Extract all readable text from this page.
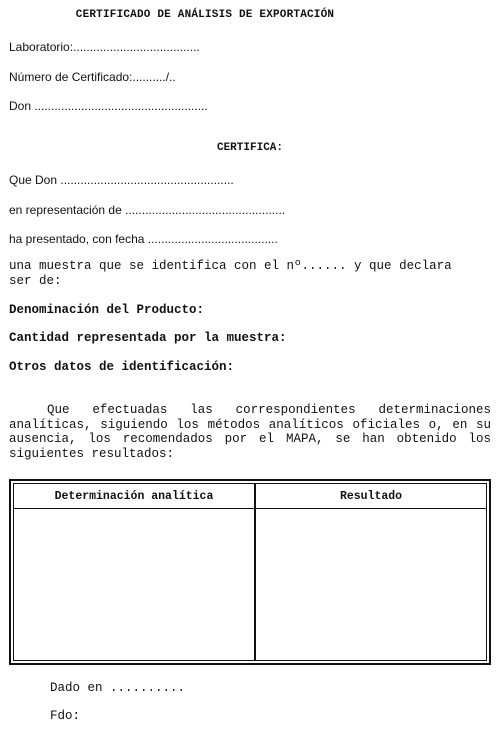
CERTIFICADO DE ANÁLISIS DE EXPORTACIÓN
Laboratorio:......................................
Número de Certificado:........../..
Don ....................................................
CERTIFICA:
Que Don ....................................................
en representación de ................................................
ha presentado, con fecha .......................................
una muestra que se identifica con el nº...... y que declara
ser de:
Denominación del Producto:
Cantidad representada por la muestra:
Otros datos de identificación:
Que efectuadas las correspondientes determinaciones analíticas, siguiendo los métodos analíticos oficiales o, en su ausencia, los recomendados por el MAPA, se han obtenido los siguientes resultados:
Determinación analítica	Resultado
Dado en ..........
Fdo:
